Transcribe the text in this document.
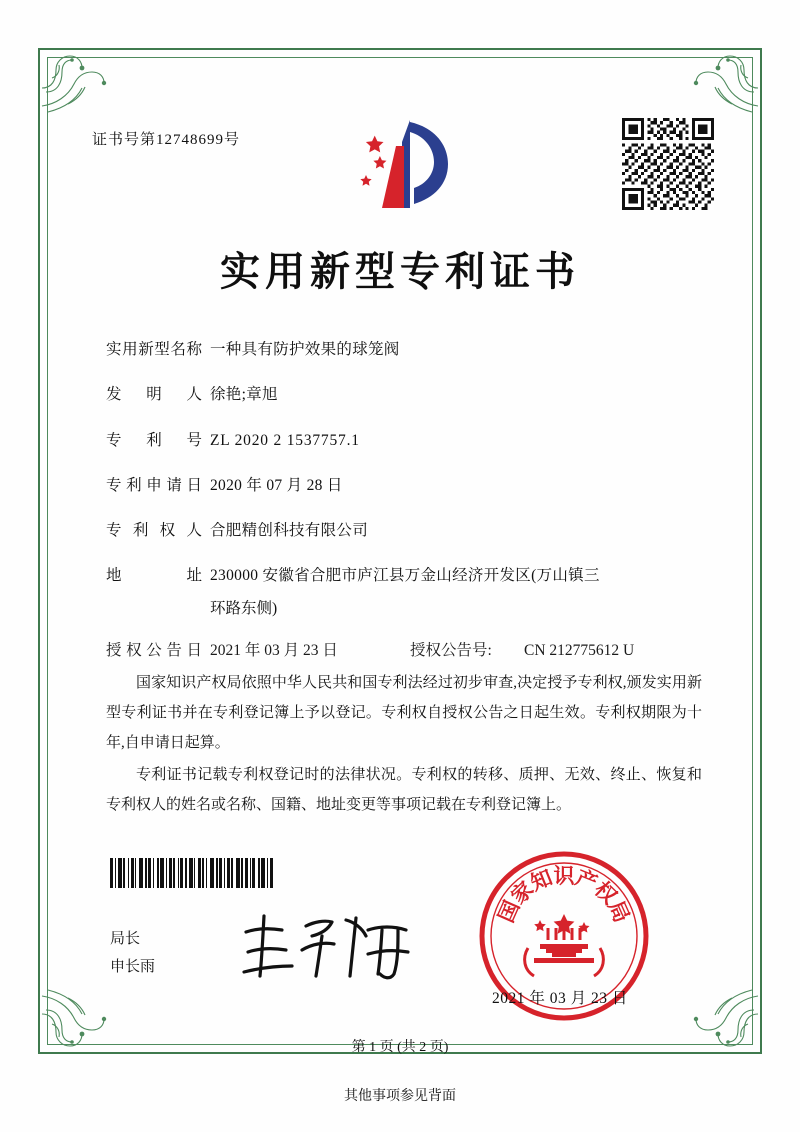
证书号第12748699号
实用新型专利证书
实用新型名称 一种具有防护效果的球笼阀
发明人 徐艳;章旭
专利号 ZL 2020 2 1537757.1
专利申请日 2020 年 07 月 28 日
专利权人 合肥精创科技有限公司
地址 230000 安徽省合肥市庐江县万金山经济开发区(万山镇三
环路东侧)
授权公告日 2021 年 03 月 23 日	授权公告号:	CN 212775612 U

国家知识产权局依照中华人民共和国专利法经过初步审查,决定授予专利权,颁发实用新型专利证书并在专利登记簿上予以登记。专利权自授权公告之日起生效。专利权期限为十年,自申请日起算。

专利证书记载专利权登记时的法律状况。专利权的转移、质押、无效、终止、恢复和专利权人的姓名或名称、国籍、地址变更等事项记载在专利登记簿上。

局长
申长雨
国
家
知
识
产
权
局
2021 年 03 月 23 日
第 1 页 (共 2 页)
其他事项参见背面
